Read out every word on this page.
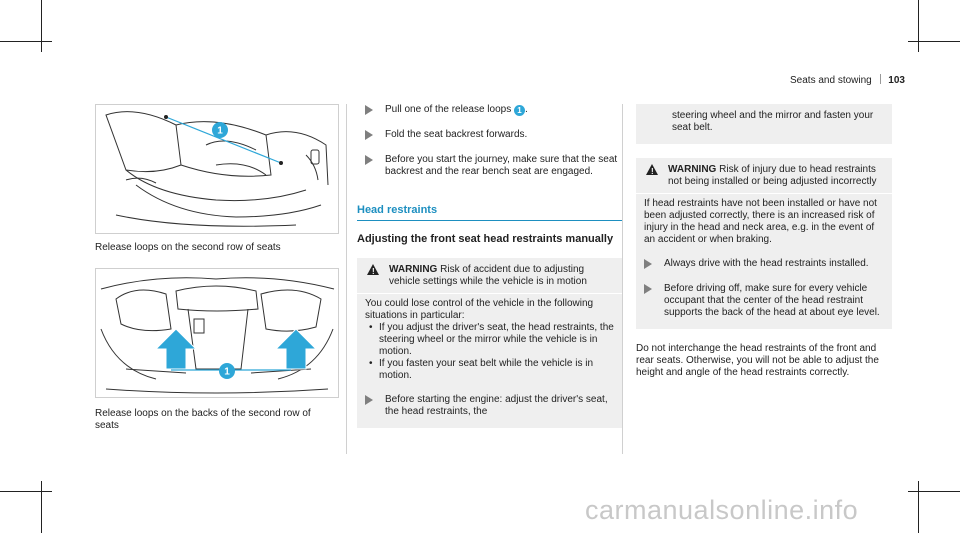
Seats and stowing 103
1
Release loops on the second row of seats
1
Release loops on the backs of the second row of seats
Pull one of the release loops 1 .
Fold the seat backrest forwards.
Before you start the journey, make sure that the seat backrest and the rear bench seat are engaged.
Head restraints
Adjusting the front seat head restraints manually
! WARNING Risk of accident due to adjusting vehicle settings while the vehicle is in motion
You could lose control of the vehicle in the following situations in particular:
• If you adjust the driver's seat, the head restraints, the steering wheel or the mirror while the vehicle is in motion.
• If you fasten your seat belt while the vehicle is in motion.
Before starting the engine: adjust the driver's seat, the head restraints, the
steering wheel and the mirror and fasten your seat belt.
! WARNING Risk of injury due to head restraints not being installed or being adjusted incorrectly
If head restraints have not been installed or have not been adjusted correctly, there is an increased risk of injury in the head and neck area, e.g. in the event of an accident or when braking.
Always drive with the head restraints installed.
Before driving off, make sure for every vehicle occupant that the center of the head restraint supports the back of the head at about eye level.
Do not interchange the head restraints of the front and rear seats. Otherwise, you will not be able to adjust the height and angle of the head restraints correctly.
carmanualsonline.info
